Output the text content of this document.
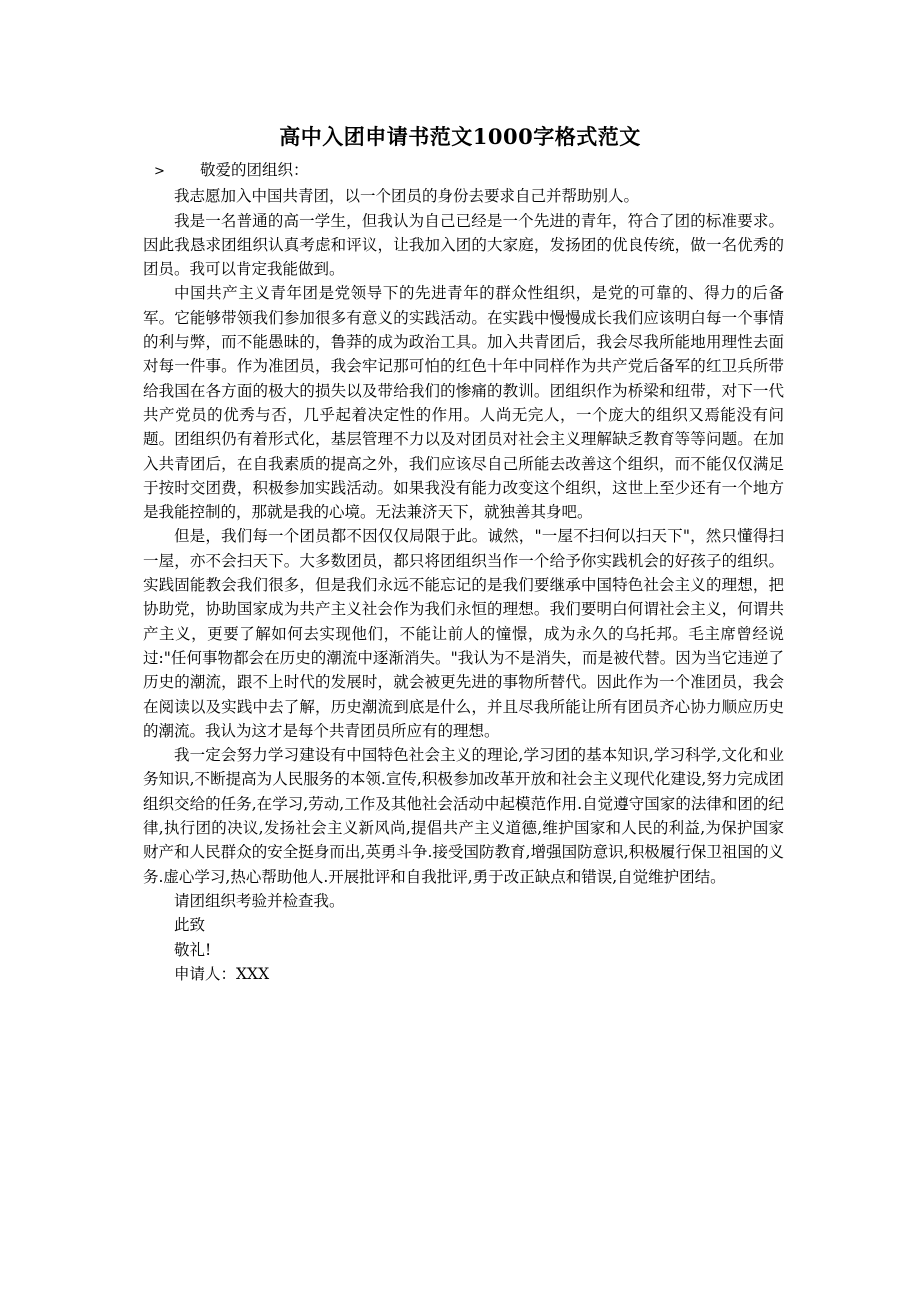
高中入团申请书范文1000字格式范文
>	敬爱的团组织：

我志愿加入中国共青团，以一个团员的身份去要求自己并帮助别人。

我是一名普通的高一学生，但我认为自己已经是一个先进的青年，符合了团的标准要求。因此我恳求团组织认真考虑和评议，让我加入团的大家庭，发扬团的优良传统，做一名优秀的团员。我可以肯定我能做到。

中国共产主义青年团是党领导下的先进青年的群众性组织，是党的可靠的、得力的后备军。它能够带领我们参加很多有意义的实践活动。在实践中慢慢成长我们应该明白每一个事情的利与弊，而不能愚昧的，鲁莽的成为政治工具。加入共青团后，我会尽我所能地用理性去面对每一件事。作为准团员，我会牢记那可怕的红色十年中同样作为共产党后备军的红卫兵所带给我国在各方面的极大的损失以及带给我们的惨痛的教训。团组织作为桥梁和纽带，对下一代共产党员的优秀与否，几乎起着决定性的作用。人尚无完人，一个庞大的组织又焉能没有问题。团组织仍有着形式化，基层管理不力以及对团员对社会主义理解缺乏教育等等问题。在加入共青团后，在自我素质的提高之外，我们应该尽自己所能去改善这个组织，而不能仅仅满足于按时交团费，积极参加实践活动。如果我没有能力改变这个组织，这世上至少还有一个地方是我能控制的，那就是我的心境。无法兼济天下，就独善其身吧。

但是，我们每一个团员都不因仅仅局限于此。诚然，"一屋不扫何以扫天下"，然只懂得扫一屋，亦不会扫天下。大多数团员，都只将团组织当作一个给予你实践机会的好孩子的组织。实践固能教会我们很多，但是我们永远不能忘记的是我们要继承中国特色社会主义的理想，把协助党，协助国家成为共产主义社会作为我们永恒的理想。我们要明白何谓社会主义，何谓共产主义，更要了解如何去实现他们，不能让前人的憧憬，成为永久的乌托邦。毛主席曾经说过:"任何事物都会在历史的潮流中逐渐消失。"我认为不是消失，而是被代替。因为当它违逆了历史的潮流，跟不上时代的发展时，就会被更先进的事物所替代。因此作为一个准团员，我会在阅读以及实践中去了解，历史潮流到底是什么，并且尽我所能让所有团员齐心协力顺应历史的潮流。我认为这才是每个共青团员所应有的理想。

我一定会努力学习建设有中国特色社会主义的理论,学习团的基本知识,学习科学,文化和业务知识,不断提高为人民服务的本领.宣传,积极参加改革开放和社会主义现代化建设,努力完成团组织交给的任务,在学习,劳动,工作及其他社会活动中起模范作用.自觉遵守国家的法律和团的纪律,执行团的决议,发扬社会主义新风尚,提倡共产主义道德,维护国家和人民的利益,为保护国家财产和人民群众的安全挺身而出,英勇斗争.接受国防教育,增强国防意识,积极履行保卫祖国的义务.虚心学习,热心帮助他人.开展批评和自我批评,勇于改正缺点和错误,自觉维护团结。

请团组织考验并检查我。

此致

敬礼!

申请人：XXX
